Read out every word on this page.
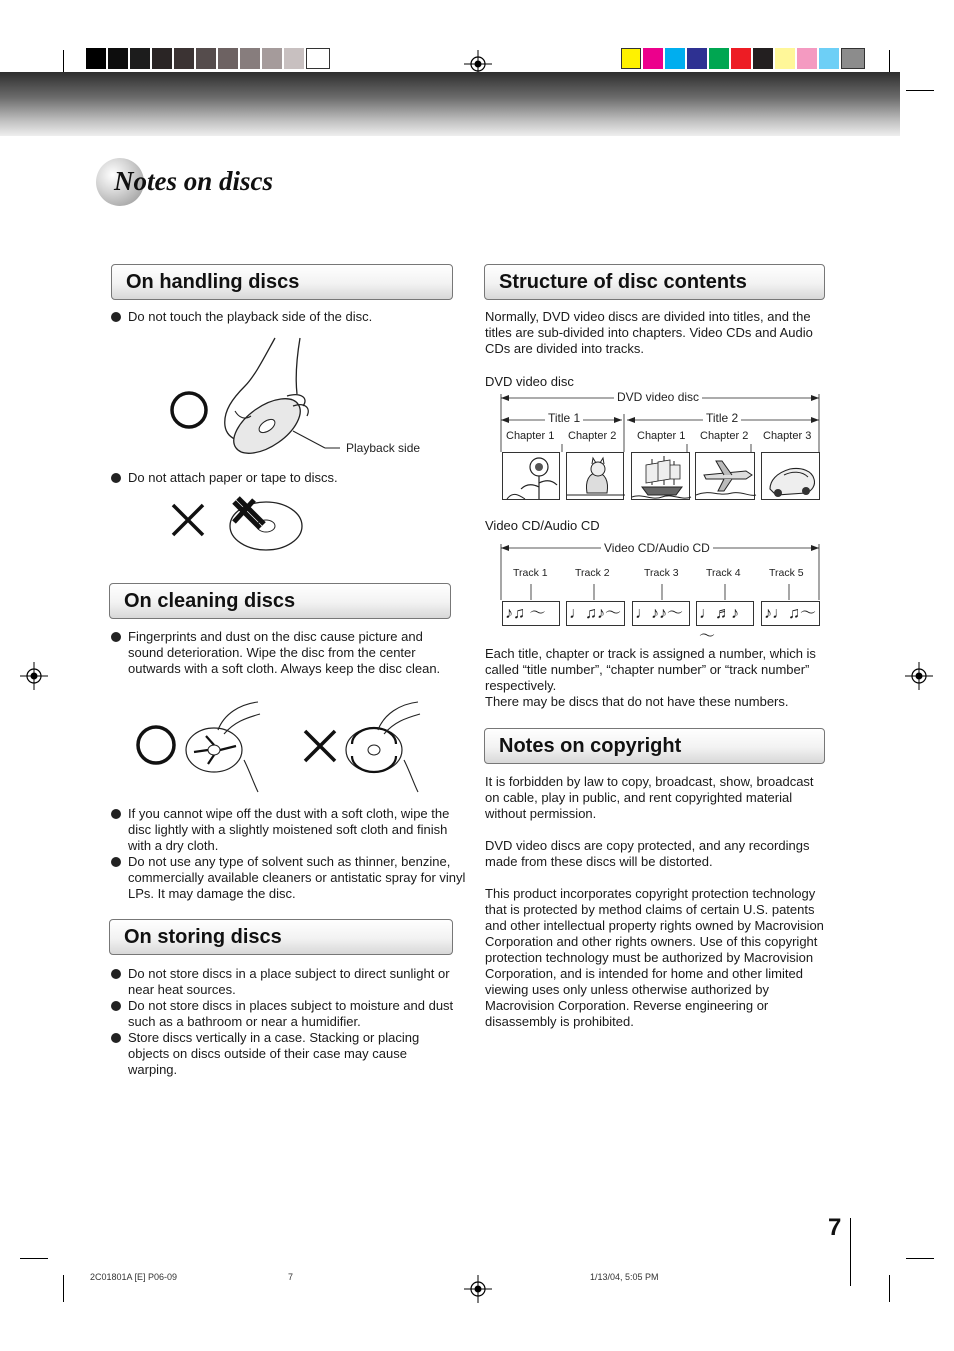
Notes on discs
On handling discs
Do not touch the playback side of the disc.
Playback side
Do not attach paper or tape to discs.
On cleaning discs
Fingerprints and dust on the disc cause picture and sound deterioration. Wipe the disc from the center outwards with a soft cloth. Always keep the disc clean.
If you cannot wipe off the dust with a soft cloth, wipe the disc lightly with a slightly moistened soft cloth and finish with a dry cloth.
Do not use any type of solvent such as thinner, benzine, commercially available cleaners or antistatic spray for vinyl LPs. It may damage the disc.
On storing discs
Do not store discs in a place subject to direct sunlight or near heat sources.
Do not store discs in places subject to moisture and dust such as a bathroom or near a humidifier.
Store discs vertically in a case. Stacking or placing objects on discs outside of their case may cause warping.
Structure of disc contents
Normally, DVD video discs are divided into titles, and the titles are sub-divided into chapters. Video CDs and Audio CDs are divided into tracks.
DVD video disc
DVD video disc
Title 1	Title 2
Chapter 1 Chapter 2 Chapter 1 Chapter 2 Chapter 3
Video CD/Audio CD
Video CD/Audio CD
Track 1	Track 2	Track 3	Track 4	Track 5
♪♫ ～	♩♫♪～ ♩♪♪～ ♩♬♪～
♪♩♫～
Each title, chapter or track is assigned a number, which is called “title number”, “chapter number” or “track number” respectively.
There may be discs that do not have these numbers.
Notes on copyright
It is forbidden by law to copy, broadcast, show, broadcast on cable, play in public, and rent copyrighted material without permission.
DVD video discs are copy protected, and any recordings made from these discs will be distorted.
This product incorporates copyright protection technology that is protected by method claims of certain U.S. patents and other intellectual property rights owned by Macrovision Corporation and other rights owners. Use of this copyright protection technology must be authorized by Macrovision Corporation, and is intended for home and other limited viewing uses only unless otherwise authorized by Macrovision Corporation. Reverse engineering or disassembly is prohibited.
7
2C01801A [E] P06-09	7	1/13/04, 5:05 PM
